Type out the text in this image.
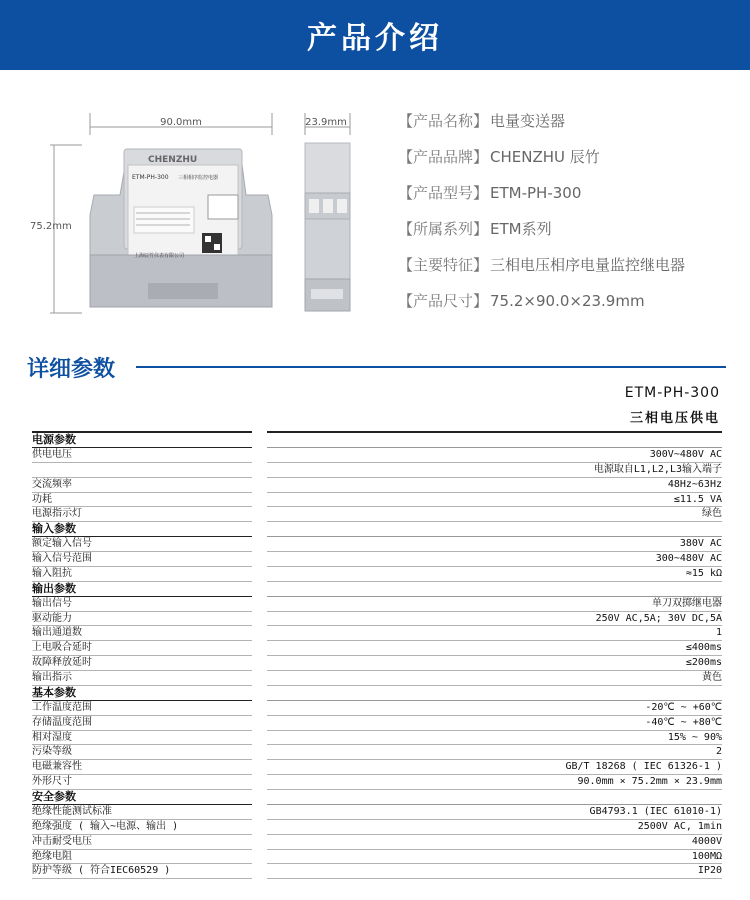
产品介绍
90.0mm	23.9mm
75.2mm
CHENZHU
ETM-PH-300 三相相序监控电器
上海辰竹仪表有限公司
【产品名称】 电量变送器
【产品品牌】 CHENZHU 辰竹
【产品型号】 ETM-PH-300
【所属系列】 ETM系列
【主要特征】 三相电压相序电量监控继电器
【产品尺寸】 75.2×90.0×23.9mm
详细参数
ETM-PH-300
三相电压供电
电源参数
供电电压	300V~480V AC
电源取自L1,L2,L3输入端子
交流频率	48Hz~63Hz
功耗	≤11.5 VA
电源指示灯	绿色
输入参数
额定输入信号	380V AC
输入信号范围	300~480V AC
输入阻抗	≈15 kΩ
输出参数
输出信号	单刀双掷继电器
驱动能力	250V AC,5A; 30V DC,5A
输出通道数	1
上电吸合延时	≤400ms
故障释放延时	≤200ms
输出指示	黄色
基本参数
工作温度范围	-20℃ ~ +60℃
存储温度范围	-40℃ ~ +80℃
相对湿度	15% ~ 90%
污染等级	2
电磁兼容性	GB/T 18268 ( IEC 61326-1 )
外形尺寸	90.0mm × 75.2mm × 23.9mm
安全参数
绝缘性能测试标准	GB4793.1 (IEC 61010-1)
绝缘强度 ( 输入~电源、输出 )	2500V AC, 1min
冲击耐受电压	4000V
绝缘电阻	100MΩ
防护等级 ( 符合IEC60529 )	IP20
